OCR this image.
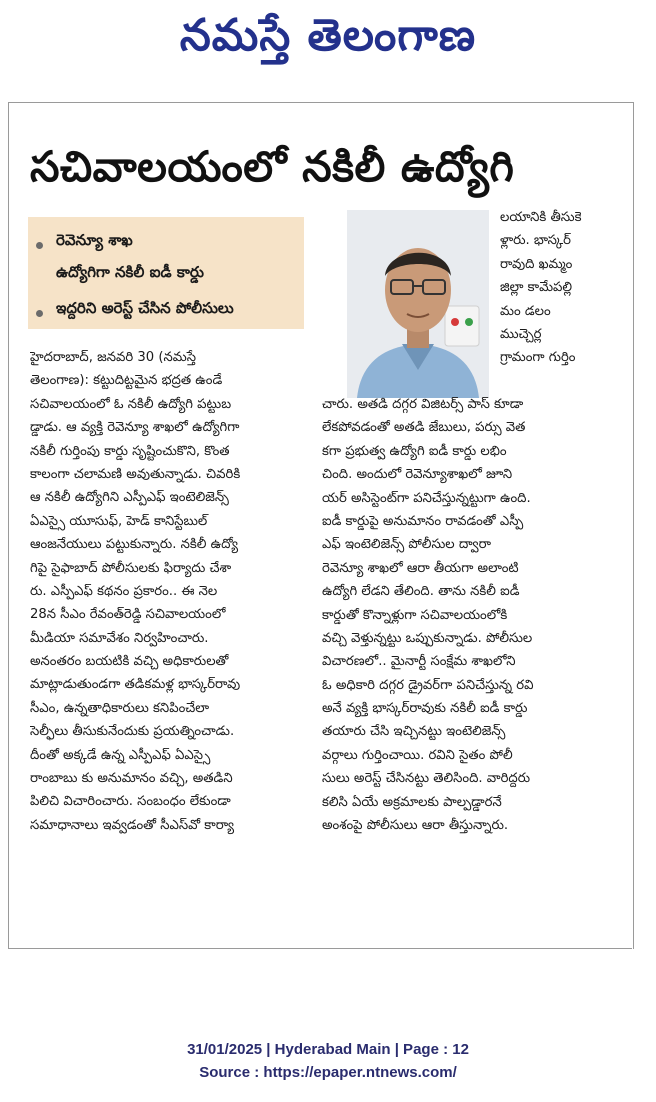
నమస్తే తెలంగాణ
సచివాలయంలో నకిలీ ఉద్యోగి
రెవెన్యూ శాఖ
ఉద్యోగిగా నకిలీ ఐడీ కార్డు
ఇద్దరిని అరెస్ట్ చేసిన పోలీసులు
లయానికి తీసుకె
ళ్లారు. భాస్కర్
రావుది ఖమ్మం
జిల్లా కామేపల్లి
మం డలం
ముచ్చెర్ల
గ్రామంగా గుర్తిం
హైదరాబాద్, జనవరి 30 (నమస్తే
తెలంగాణ): కట్టుదిట్టమైన భద్రత ఉండే
సచివాలయంలో ఓ నకిలీ ఉద్యోగి పట్టుబ
డ్డాడు. ఆ వ్యక్తి రెవెన్యూ శాఖలో ఉద్యోగిగా
నకిలీ గుర్తింపు కార్డు సృష్టించుకొని, కొంత
కాలంగా చలామణి అవుతున్నాడు. చివరికి
ఆ నకిలీ ఉద్యోగిని ఎస్పీఎఫ్ ఇంటెలిజెన్స్
ఏఎస్సై యూసుఫ్, హెడ్ కానిస్టేబుల్
ఆంజనేయులు పట్టుకున్నారు. నకిలీ ఉద్యో
గిపై సైఫాబాద్ పోలీసులకు ఫిర్యాదు చేశా
రు. ఎస్పీఎఫ్ కథనం ప్రకారం.. ఈ నెల
28న సీఎం రేవంత్‌రెడ్డి సచివాలయంలో
మీడియా సమావేశం నిర్వహించారు.
అనంతరం బయటికి వచ్చి అధికారులతో
మాట్లాడుతుండగా తడికమళ్ల భాస్కర్‌రావు
సీఎం, ఉన్నతాధికారులు కనిపించేలా
సెల్ఫీలు తీసుకునేందుకు ప్రయత్నించాడు.
దీంతో అక్కడే ఉన్న ఎస్పీఎఫ్ ఏఎస్సై
రాంబాబు కు అనుమానం వచ్చి, అతడిని
పిలిచి విచారించారు. సంబంధం లేకుండా
సమాధానాలు ఇవ్వడంతో సీఎస్‌వో కార్యా
చారు. అతడి దగ్గర విజిటర్స్ పాస్ కూడా
లేకపోవడంతో అతడి జేబులు, పర్సు వెత
కగా ప్రభుత్వ ఉద్యోగి ఐడీ కార్డు లభిం
చింది. అందులో రెవెన్యూశాఖలో జూని
యర్ అసిస్టెంట్‌గా పనిచేస్తున్నట్టుగా ఉంది.
ఐడీ కార్డుపై అనుమానం రావడంతో ఎస్పీ
ఎఫ్ ఇంటెలిజెన్స్ పోలీసుల ద్వారా
రెవెన్యూ శాఖలో ఆరా తీయగా అలాంటి
ఉద్యోగి లేడని తేలింది. తాను నకిలీ ఐడీ
కార్డుతో కొన్నాళ్లుగా సచివాలయంలోకి
వచ్చి వెళ్తున్నట్టు ఒప్పుకున్నాడు. పోలీసుల
విచారణలో.. మైనార్టీ సంక్షేమ శాఖలోని
ఓ అధికారి దగ్గర డ్రైవర్‌గా పనిచేస్తున్న రవి
అనే వ్యక్తి భాస్కర్‌రావుకు నకిలీ ఐడీ కార్డు
తయారు చేసి ఇచ్చినట్టు ఇంటెలిజెన్స్
వర్గాలు గుర్తించాయి. రవిని సైతం పోలీ
సులు అరెస్ట్ చేసినట్టు తెలిసింది. వారిద్దరు
కలిసి ఏయే అక్రమాలకు పాల్పడ్డారనే
అంశంపై పోలీసులు ఆరా తీస్తున్నారు.
31/01/2025 | Hyderabad Main | Page : 12
Source : https://epaper.ntnews.com/
